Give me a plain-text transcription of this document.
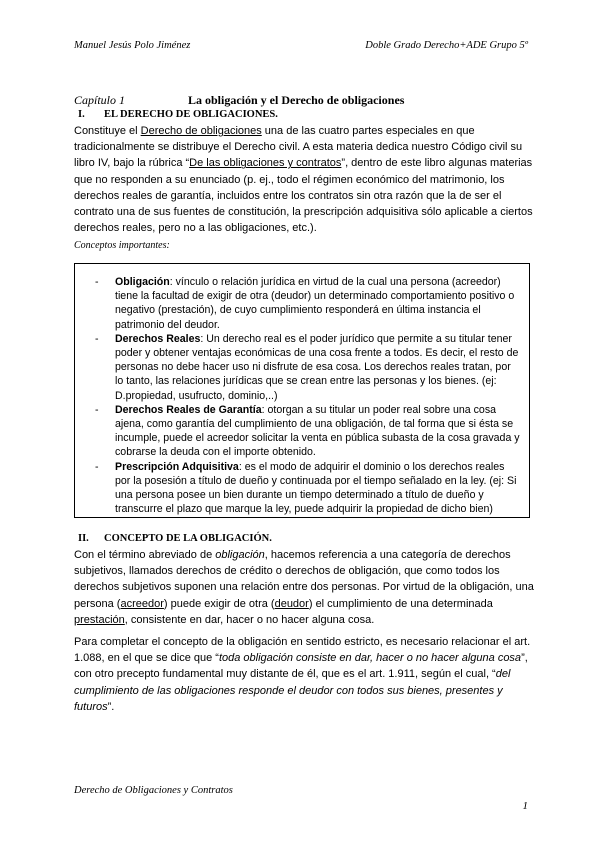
Manuel Jesús Polo Jiménez	Doble Grado Derecho+ADE Grupo 5º
Capítulo 1	La obligación y el Derecho de obligaciones
I. EL DERECHO DE OBLIGACIONES.

Constituye el Derecho de obligaciones una de las cuatro partes especiales en que tradicionalmente se distribuye el Derecho civil. A esta materia dedica nuestro Código civil su libro IV, bajo la rúbrica “De las obligaciones y contratos”, dentro de este libro algunas materias que no responden a su enunciado (p. ej., todo el régimen económico del matrimonio, los derechos reales de garantía, incluidos entre los contratos sin otra razón que la de ser el contrato una de sus fuentes de constitución, la prescripción adquisitiva sólo aplicable a ciertos derechos reales, pero no a las obligaciones, etc.).

Conceptos importantes:
- Obligación: vínculo o relación jurídica en virtud de la cual una persona (acreedor) tiene la facultad de exigir de otra (deudor) un determinado comportamiento positivo o negativo (prestación), de cuyo cumplimiento responderá en última instancia el patrimonio del deudor.
- Derechos Reales: Un derecho real es el poder jurídico que permite a su titular tener poder y obtener ventajas económicas de una cosa frente a todos. Es decir, el resto de personas no debe hacer uso ni disfrute de esa cosa. Los derechos reales tratan, por lo tanto, las relaciones jurídicas que se crean entre las personas y los bienes. (ej: D.propiedad, usufructo, dominio,..)
- Derechos Reales de Garantía: otorgan a su titular un poder real sobre una cosa ajena, como garantía del cumplimiento de una obligación, de tal forma que si ésta se incumple, puede el acreedor solicitar la venta en pública subasta de la cosa gravada y cobrarse la deuda con el importe obtenido.
- Prescripción Adquisitiva: es el modo de adquirir el dominio o los derechos reales por la posesión a título de dueño y continuada por el tiempo señalado en la ley. (ej: Si una persona posee un bien durante un tiempo determinado a título de dueño y transcurre el plazo que marque la ley, puede adquirir la propiedad de dicho bien)
II. CONCEPTO DE LA OBLIGACIÓN.

Con el término abreviado de obligación, hacemos referencia a una categoría de derechos subjetivos, llamados derechos de crédito o derechos de obligación, que como todos los derechos subjetivos suponen una relación entre dos personas. Por virtud de la obligación, una persona (acreedor) puede exigir de otra (deudor) el cumplimiento de una determinada prestación, consistente en dar, hacer o no hacer alguna cosa.

Para completar el concepto de la obligación en sentido estricto, es necesario relacionar el art. 1.088, en el que se dice que “toda obligación consiste en dar, hacer o no hacer alguna cosa”, con otro precepto fundamental muy distante de él, que es el art. 1.911, según el cual, “del cumplimiento de las obligaciones responde el deudor con todos sus bienes, presentes y futuros”.

Derecho de Obligaciones y Contratos
1
